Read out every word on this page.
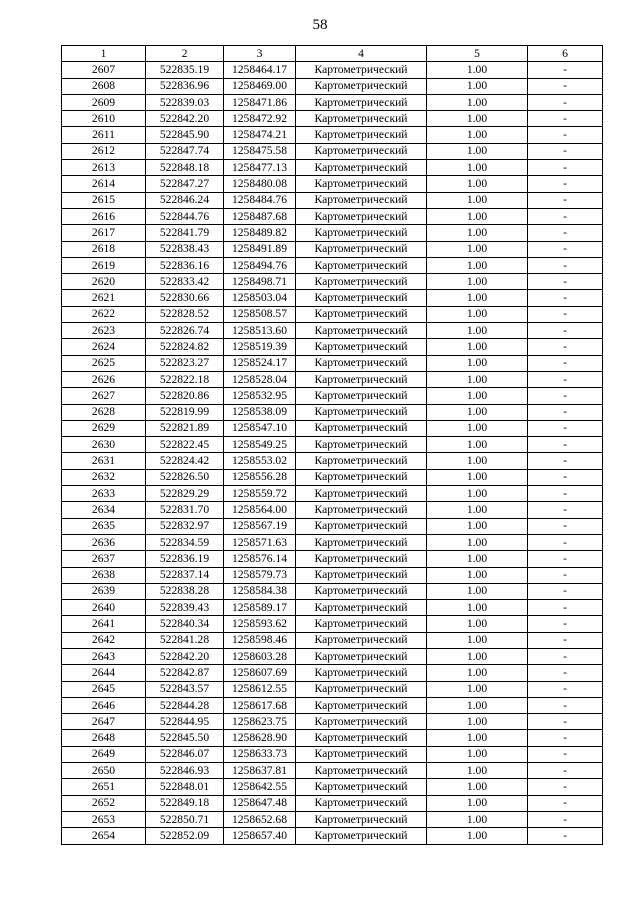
58
1	2	3	4	5	6
2607	522835.19	1258464.17	Картометрический	1.00	-
2608	522836.96	1258469.00	Картометрический	1.00	-
2609	522839.03	1258471.86	Картометрический	1.00	-
2610	522842.20	1258472.92	Картометрический	1.00	-
2611	522845.90	1258474.21	Картометрический	1.00	-
2612	522847.74	1258475.58	Картометрический	1.00	-
2613	522848.18	1258477.13	Картометрический	1.00	-
2614	522847.27	1258480.08	Картометрический	1.00	-
2615	522846.24	1258484.76	Картометрический	1.00	-
2616	522844.76	1258487.68	Картометрический	1.00	-
2617	522841.79	1258489.82	Картометрический	1.00	-
2618	522838.43	1258491.89	Картометрический	1.00	-
2619	522836.16	1258494.76	Картометрический	1.00	-
2620	522833.42	1258498.71	Картометрический	1.00	-
2621	522830.66	1258503.04	Картометрический	1.00	-
2622	522828.52	1258508.57	Картометрический	1.00	-
2623	522826.74	1258513.60	Картометрический	1.00	-
2624	522824.82	1258519.39	Картометрический	1.00	-
2625	522823.27	1258524.17	Картометрический	1.00	-
2626	522822.18	1258528.04	Картометрический	1.00	-
2627	522820.86	1258532.95	Картометрический	1.00	-
2628	522819.99	1258538.09	Картометрический	1.00	-
2629	522821.89	1258547.10	Картометрический	1.00	-
2630	522822.45	1258549.25	Картометрический	1.00	-
2631	522824.42	1258553.02	Картометрический	1.00	-
2632	522826.50	1258556.28	Картометрический	1.00	-
2633	522829.29	1258559.72	Картометрический	1.00	-
2634	522831.70	1258564.00	Картометрический	1.00	-
2635	522832.97	1258567.19	Картометрический	1.00	-
2636	522834.59	1258571.63	Картометрический	1.00	-
2637	522836.19	1258576.14	Картометрический	1.00	-
2638	522837.14	1258579.73	Картометрический	1.00	-
2639	522838.28	1258584.38	Картометрический	1.00	-
2640	522839.43	1258589.17	Картометрический	1.00	-
2641	522840.34	1258593.62	Картометрический	1.00	-
2642	522841.28	1258598.46	Картометрический	1.00	-
2643	522842.20	1258603.28	Картометрический	1.00	-
2644	522842.87	1258607.69	Картометрический	1.00	-
2645	522843.57	1258612.55	Картометрический	1.00	-
2646	522844.28	1258617.68	Картометрический	1.00	-
2647	522844.95	1258623.75	Картометрический	1.00	-
2648	522845.50	1258628.90	Картометрический	1.00	-
2649	522846.07	1258633.73	Картометрический	1.00	-
2650	522846.93	1258637.81	Картометрический	1.00	-
2651	522848.01	1258642.55	Картометрический	1.00	-
2652	522849.18	1258647.48	Картометрический	1.00	-
2653	522850.71	1258652.68	Картометрический	1.00	-
2654	522852.09	1258657.40	Картометрический	1.00	-
